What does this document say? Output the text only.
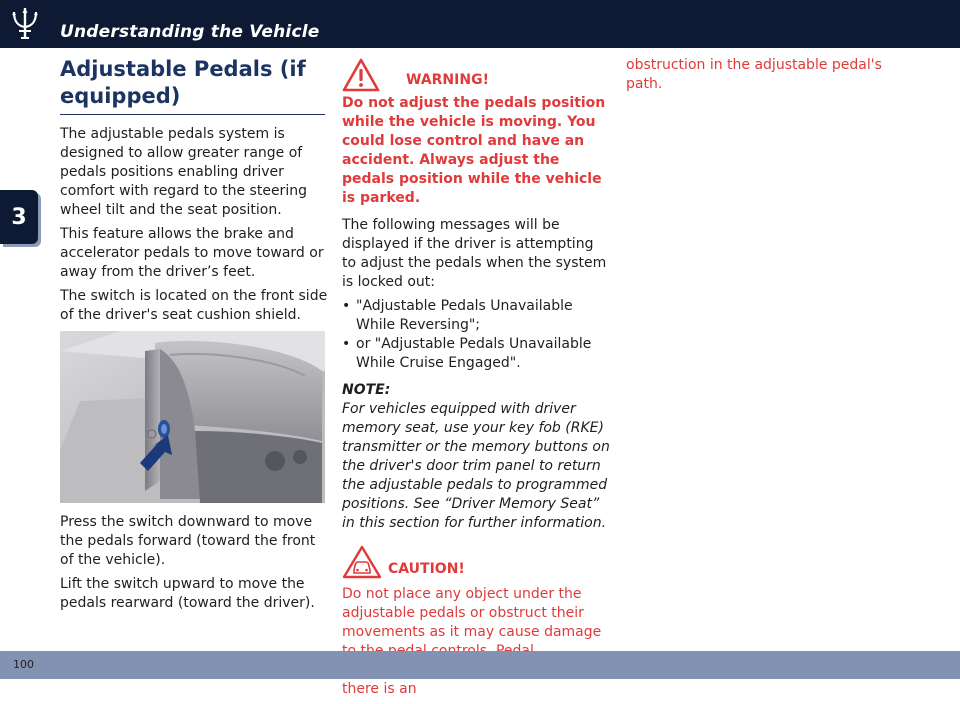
Understanding the Vehicle
3
Adjustable Pedals (if equipped)

The adjustable pedals system is designed to allow greater range of pedals positions enabling driver comfort with regard to the steering wheel tilt and the seat position.

This feature allows the brake and accelerator pedals to move toward or away from the driver’s feet.

The switch is located on the front side of the driver's seat cushion shield.

Press the switch downward to move the pedals forward (toward the front of the vehicle).

Lift the switch upward to move the pedals rearward (toward the driver).

WARNING!

Do not adjust the pedals position while the vehicle is moving. You could lose control and have an accident. Always adjust the pedals position while the vehicle is parked.

The following messages will be displayed if the driver is attempting to adjust the pedals when the system is locked out:

• "Adjustable Pedals Unavailable While Reversing";
• or "Adjustable Pedals Unavailable While Cruise Engaged".
NOTE:

For vehicles equipped with driver memory seat, use your key fob (RKE) transmitter or the memory buttons on the driver's door trim panel to return the adjustable pedals to programmed positions. See “Driver Memory Seat” in this section for further information.

CAUTION!

Do not place any object under the adjustable pedals or obstruct their movements as it may cause damage there is an

obstruction in the adjustable pedal's path.

100
